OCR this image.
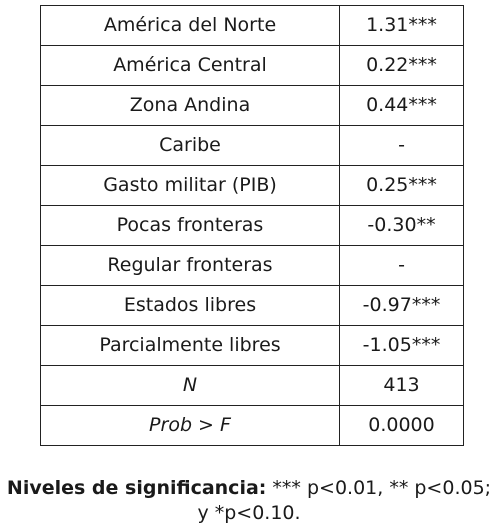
América del Norte	1.31***
América Central	0.22***
Zona Andina	0.44***
Caribe	-
Gasto militar (PIB)	0.25***
Pocas fronteras	-0.30**
Regular fronteras	-
Estados libres	-0.97***
Parcialmente libres	-1.05***
N	413
Prob > F	0.0000
Niveles de significancia: *** p<0.01, ** p<0.05;
y *p<0.10.
